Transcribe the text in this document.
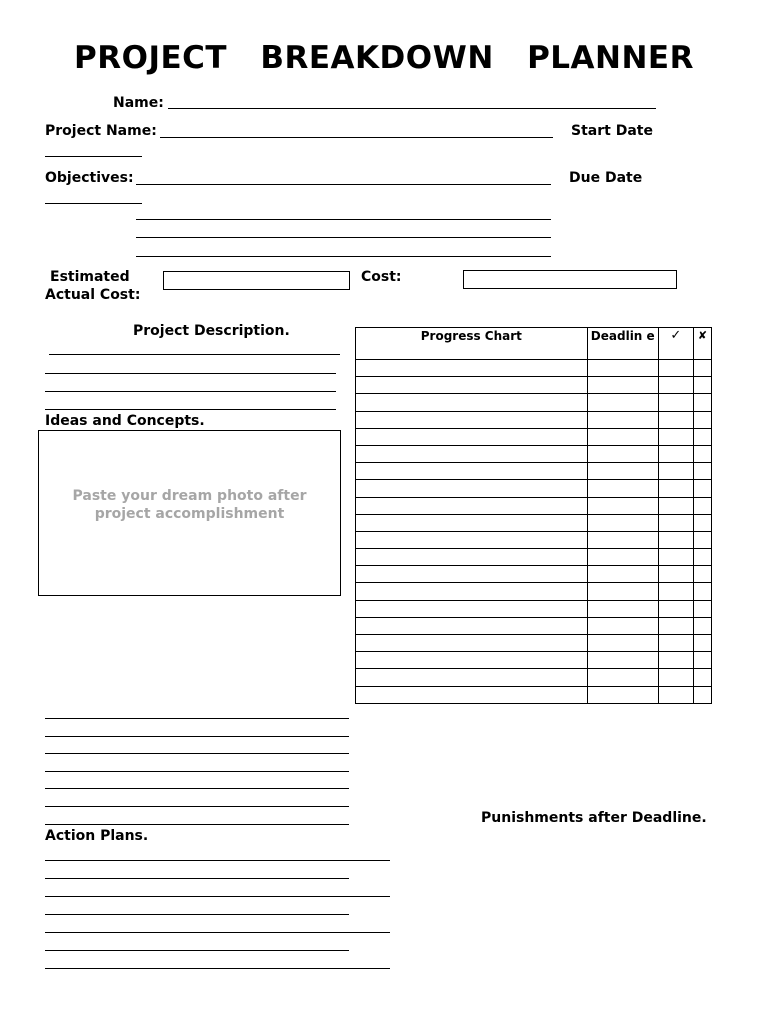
PROJECT BREAKDOWN PLANNER
Name:
Project Name:	Start Date
Objectives:	Due Date
Estimated
Actual Cost:
Cost:
Project Description.
Ideas and Concepts.
Paste your dream photo after project accomplishment
Progress Chart	Deadlin e	✓	✘

Punishments after Deadline.
Action Plans.
